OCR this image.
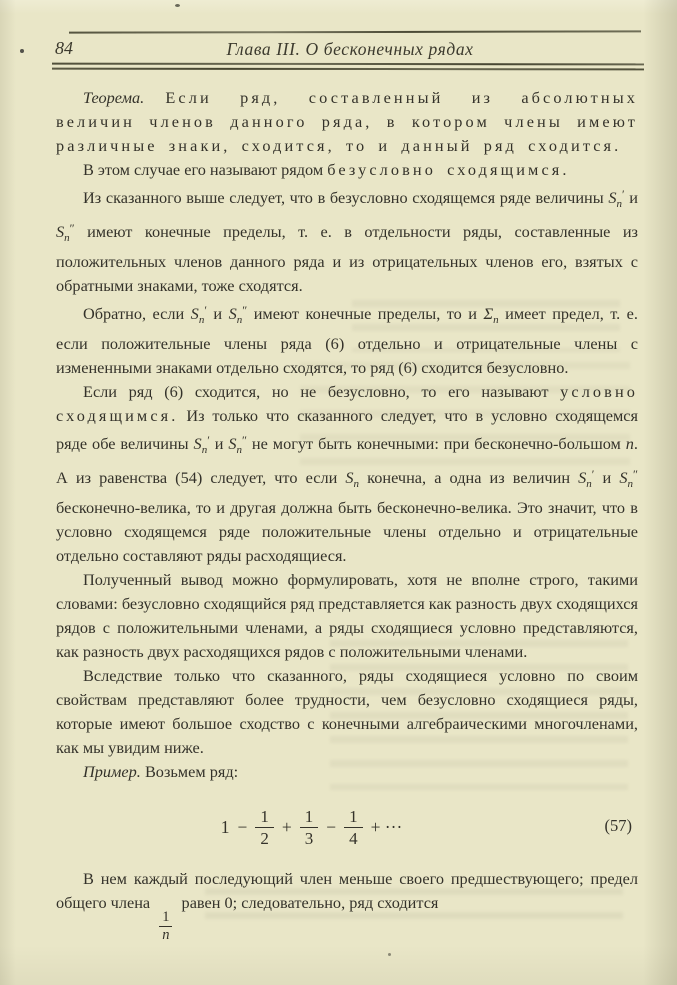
84	Глава III. О бесконечных рядах

Теорема. Если ряд, составленный из абсолютных величин членов данного ряда, в котором члены имеют различные знаки, сходится, то и данный ряд сходится.

В этом случае его называют рядом безусловно сходящимся.

Из сказанного выше следует, что в безусловно сходящемся ряде величины $S_n'$ и $S_n''$ имеют конечные пределы, т. е. в отдельности ряды, составленные из положительных членов данного ряда и из отрицательных членов его, взятых с обратными знаками, тоже сходятся.

Обратно, если $S_n'$ и $S_n''$ имеют конечные пределы, то и $\Sigma_n$ имеет предел, т. е. если положительные члены ряда (6) отдельно и отрицательные члены с измененными знаками отдельно сходятся, то ряд (6) сходится безусловно.

Если ряд (6) сходится, но не безусловно, то его называют условно сходящимся. Из только что сказанного следует, что в условно сходящемся ряде обе величины $S_n'$ и $S_n''$ не могут быть конечными: при бесконечно-большом n. А из равенства (54) следует, что если $S_n$ конечна, а одна из величин $S_n'$ и $S_n''$ бесконечно-велика, то и другая должна быть бесконечно-велика. Это значит, что в условно сходящемся ряде положительные члены отдельно и отрицательные отдельно составляют ряды расходящиеся.

Полученный вывод можно формулировать, хотя не вполне строго, такими словами: безусловно сходящийся ряд представляется как разность двух сходящихся рядов с положительными членами, а ряды сходящиеся условно представляются, как разность двух расходящихся рядов с положительными членами.

Вследствие только что сказанного, ряды сходящиеся условно по своим свойствам представляют более трудности, чем безусловно сходящиеся ряды, которые имеют большое сходство с конечными алгебраическими многочленами, как мы увидим ниже.

Пример. Возьмем ряд:

$1 - \frac{1}{2} + \frac{1}{3} - \frac{1}{4}$ + ···	(57)

В нем каждый последующий член меньше своего предшествующего; предел общего члена
$\frac{1}{n}$
равен 0; следовательно, ряд сходится
